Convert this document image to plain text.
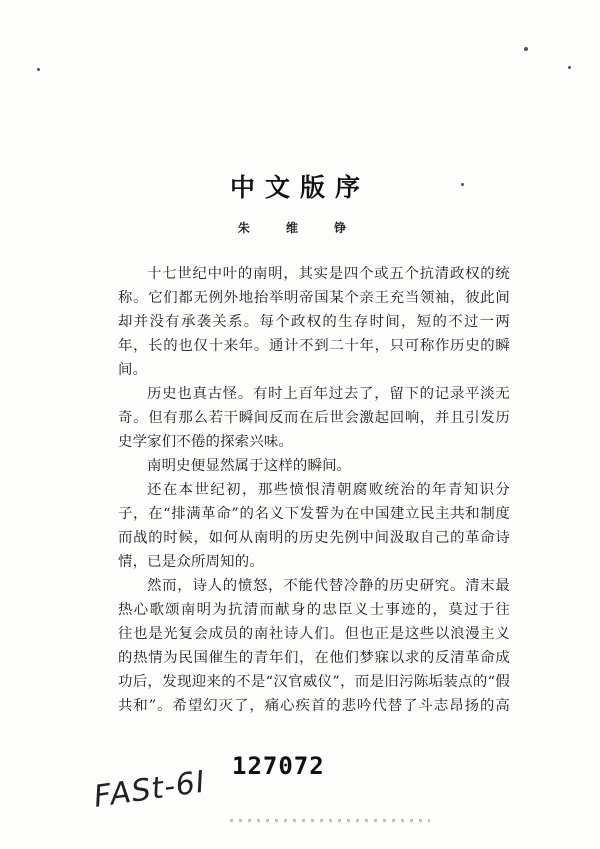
中文版序
朱 维 铮
十七世纪中叶的南明，其实是四个或五个抗清政权的统
称。它们都无例外地抬举明帝国某个亲王充当领袖，彼此间
却并没有承袭关系。每个政权的生存时间，短的不过一两
年，长的也仅十来年。通计不到二十年，只可称作历史的瞬
间。
历史也真古怪。有时上百年过去了，留下的记录平淡无
奇。但有那么若干瞬间反而在后世会激起回响，并且引发历
史学家们不倦的探索兴味。
南明史便显然属于这样的瞬间。
还在本世纪初，那些愤恨清朝腐败统治的年青知识分
子，在“排满革命”的名义下发誓为在中国建立民主共和制度
而战的时候，如何从南明的历史先例中间汲取自己的革命诗
情，已是众所周知的。
然而，诗人的愤怒，不能代替冷静的历史研究。清末最
热心歌颂南明为抗清而献身的忠臣义士事迹的，莫过于往
往也是光复会成员的南社诗人们。但也正是这些以浪漫主义
的热情为民国催生的青年们，在他们梦寐以求的反清革命成
功后，发现迎来的不是“汉官威仪”，而是旧污陈垢装点的“假
共和”。希望幻灭了，痛心疾首的悲吟代替了斗志昂扬的高
FASt-6I 127072
